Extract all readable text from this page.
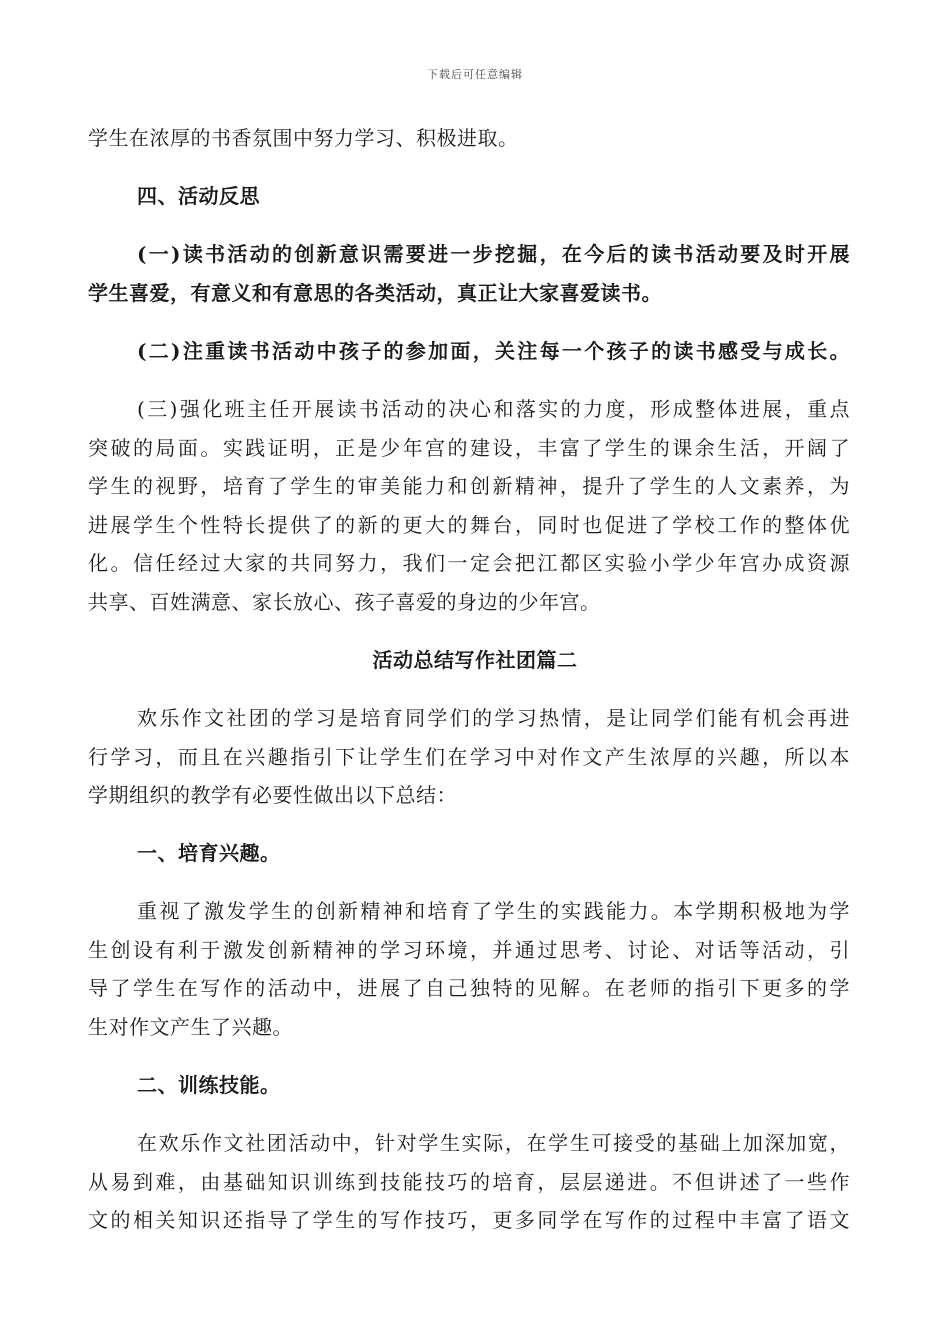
下载后可任意编辑
学生在浓厚的书香氛围中努力学习、积极进取。
四、活动反思
(一)读书活动的创新意识需要进一步挖掘，在今后的读书活动要及时开展
学生喜爱，有意义和有意思的各类活动，真正让大家喜爱读书。
(二)注重读书活动中孩子的参加面，关注每一个孩子的读书感受与成长。
(三)强化班主任开展读书活动的决心和落实的力度，形成整体进展，重点
突破的局面。实践证明，正是少年宫的建设，丰富了学生的课余生活，开阔了
学生的视野，培育了学生的审美能力和创新精神，提升了学生的人文素养，为
进展学生个性特长提供了的新的更大的舞台，同时也促进了学校工作的整体优
化。信任经过大家的共同努力，我们一定会把江都区实验小学少年宫办成资源
共享、百姓满意、家长放心、孩子喜爱的身边的少年宫。
活动总结写作社团篇二
欢乐作文社团的学习是培育同学们的学习热情，是让同学们能有机会再进
行学习，而且在兴趣指引下让学生们在学习中对作文产生浓厚的兴趣，所以本
学期组织的教学有必要性做出以下总结：
一、培育兴趣。
重视了激发学生的创新精神和培育了学生的实践能力。本学期积极地为学
生创设有利于激发创新精神的学习环境，并通过思考、讨论、对话等活动，引
导了学生在写作的活动中，进展了自己独特的见解。在老师的指引下更多的学
生对作文产生了兴趣。
二、训练技能。
在欢乐作文社团活动中，针对学生实际，在学生可接受的基础上加深加宽，
从易到难，由基础知识训练到技能技巧的培育，层层递进。不但讲述了一些作
文的相关知识还指导了学生的写作技巧，更多同学在写作的过程中丰富了语文
